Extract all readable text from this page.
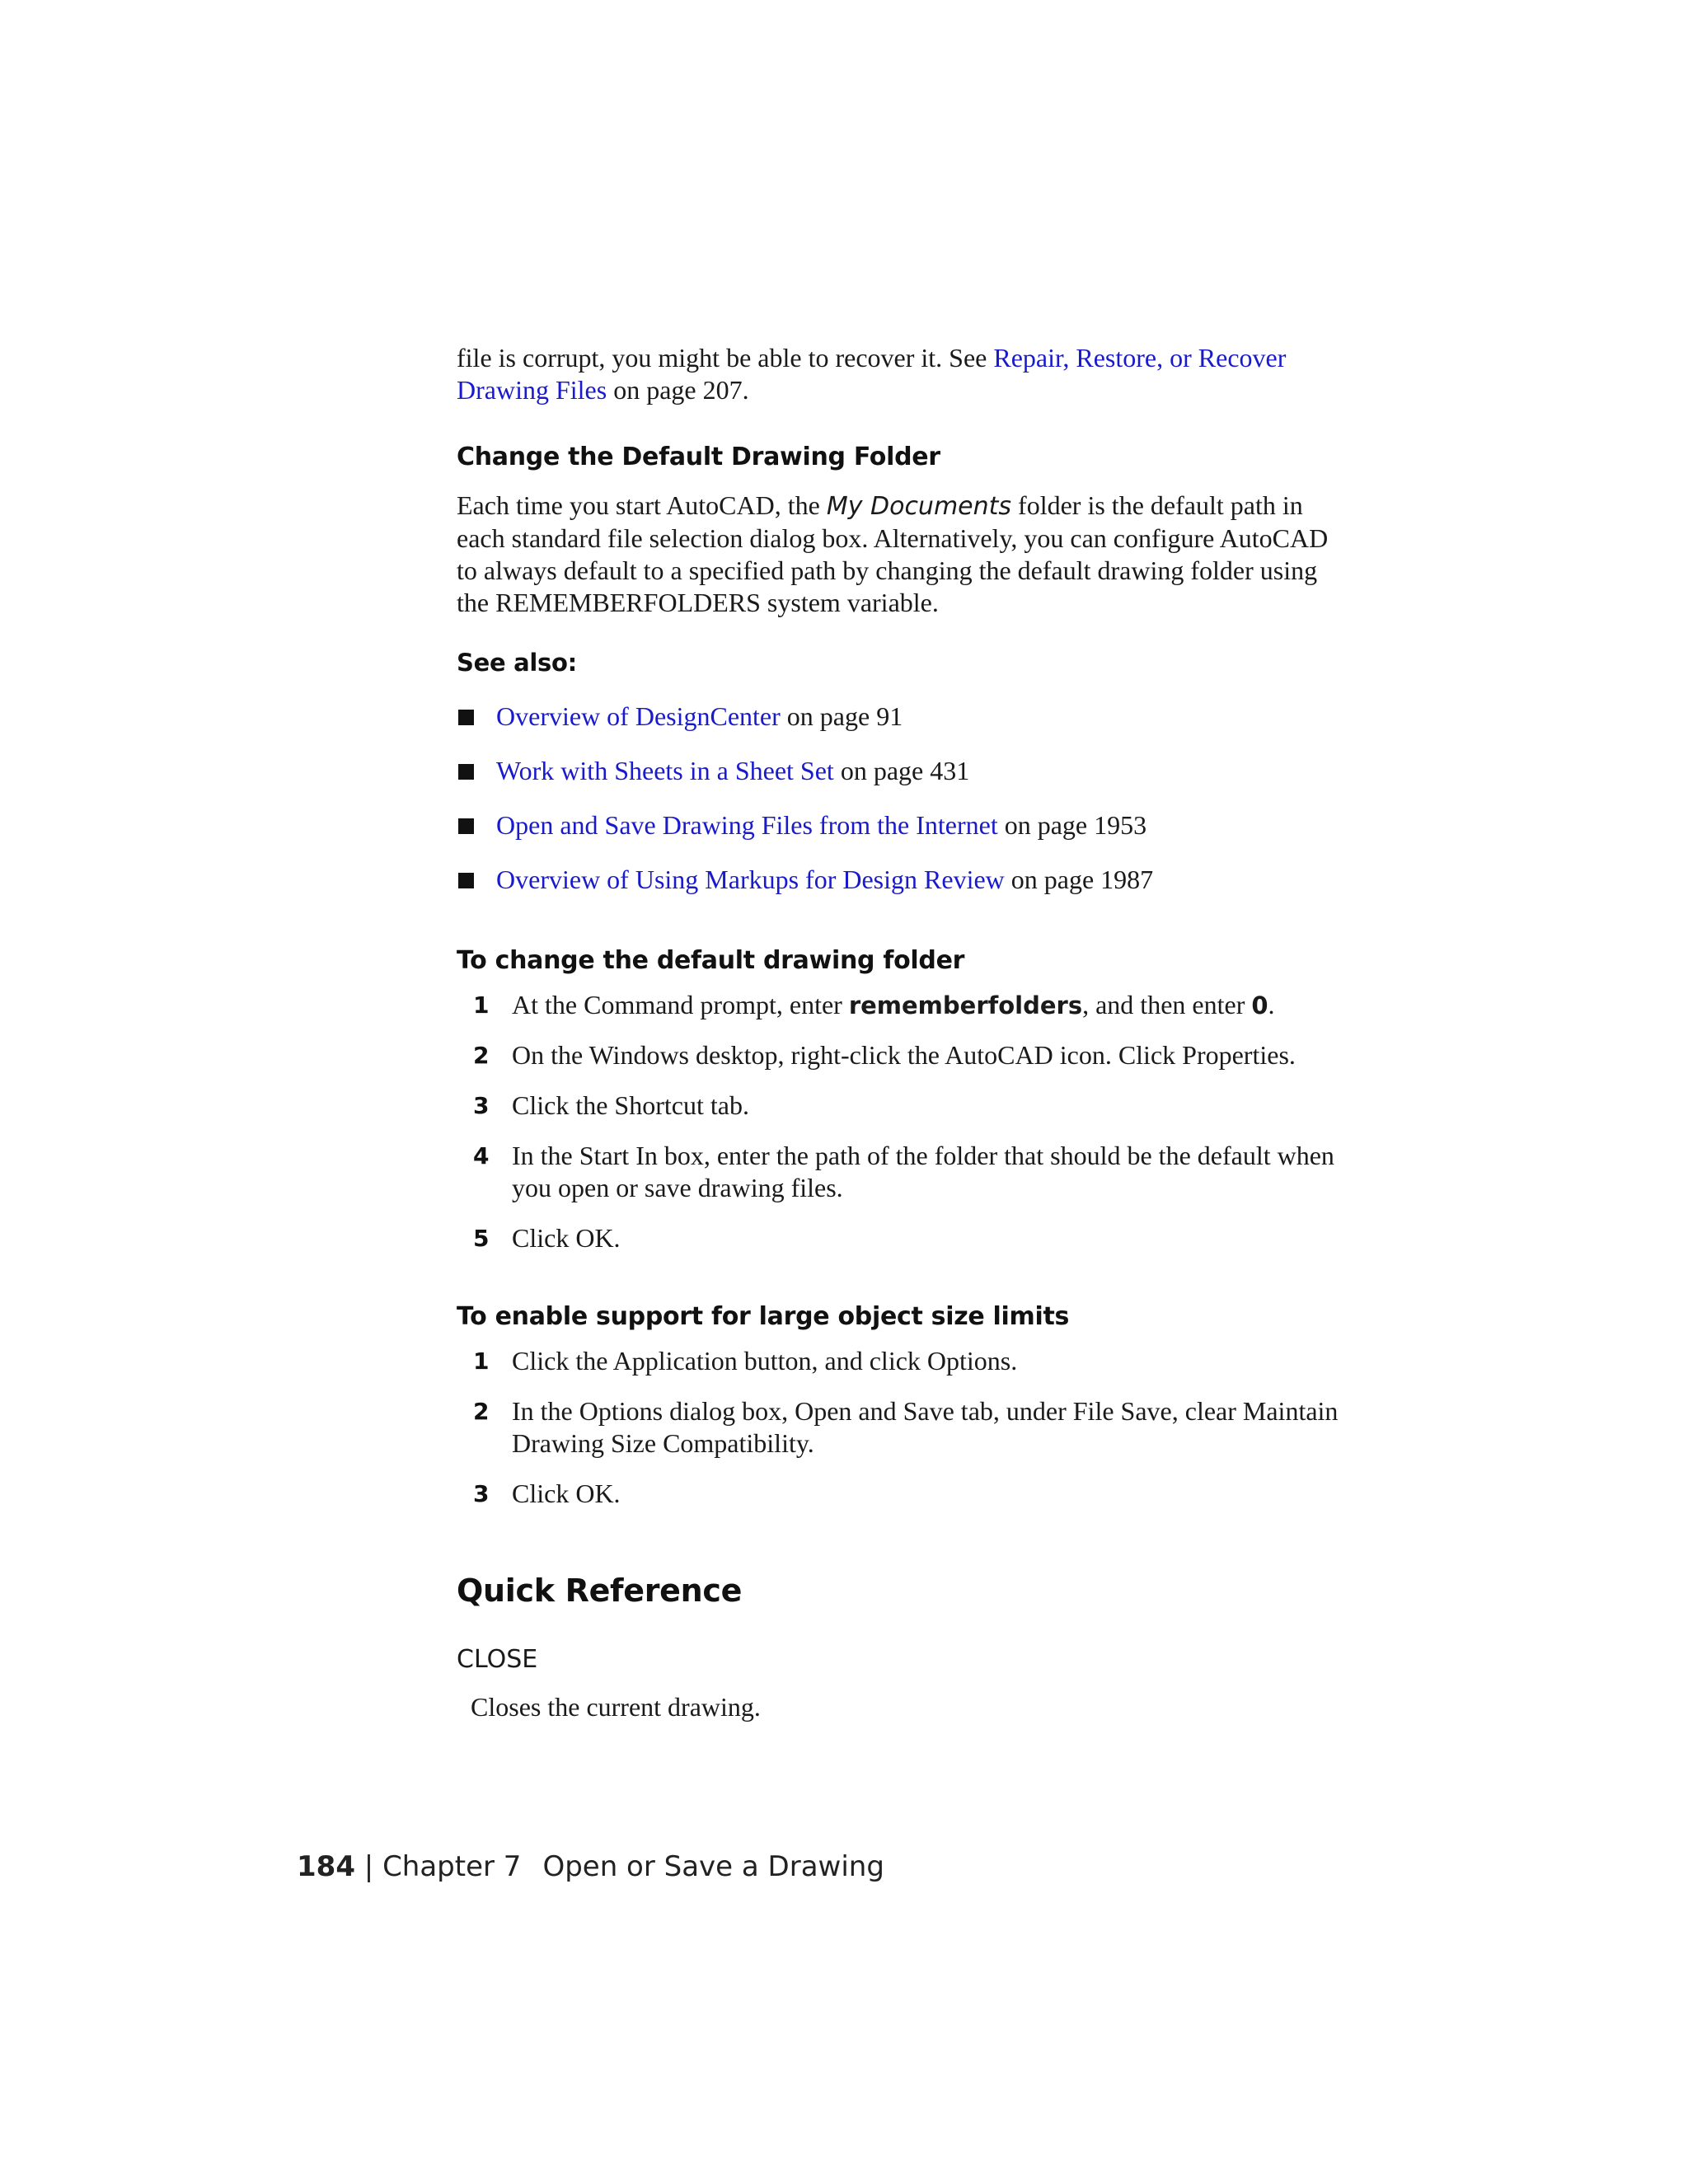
file is corrupt, you might be able to recover it. See Repair, Restore, or Recover Drawing Files on page 207.
Change the Default Drawing Folder
Each time you start AutoCAD, the My Documents folder is the default path in each standard file selection dialog box. Alternatively, you can configure AutoCAD to always default to a specified path by changing the default drawing folder using the REMEMBERFOLDERS system variable.
See also:
Overview of DesignCenter on page 91
Work with Sheets in a Sheet Set on page 431
Open and Save Drawing Files from the Internet on page 1953
Overview of Using Markups for Design Review on page 1987
To change the default drawing folder
1 At the Command prompt, enter rememberfolders, and then enter 0.
2 On the Windows desktop, right-click the AutoCAD icon. Click Properties.
3 Click the Shortcut tab.
4 In the Start In box, enter the path of the folder that should be the default when you open or save drawing files.
5 Click OK.
To enable support for large object size limits
1 Click the Application button, and click Options.
2 In the Options dialog box, Open and Save tab, under File Save, clear Maintain Drawing Size Compatibility.
3 Click OK.
Quick Reference
CLOSE
Closes the current drawing.
184 | Chapter 7 Open or Save a Drawing
